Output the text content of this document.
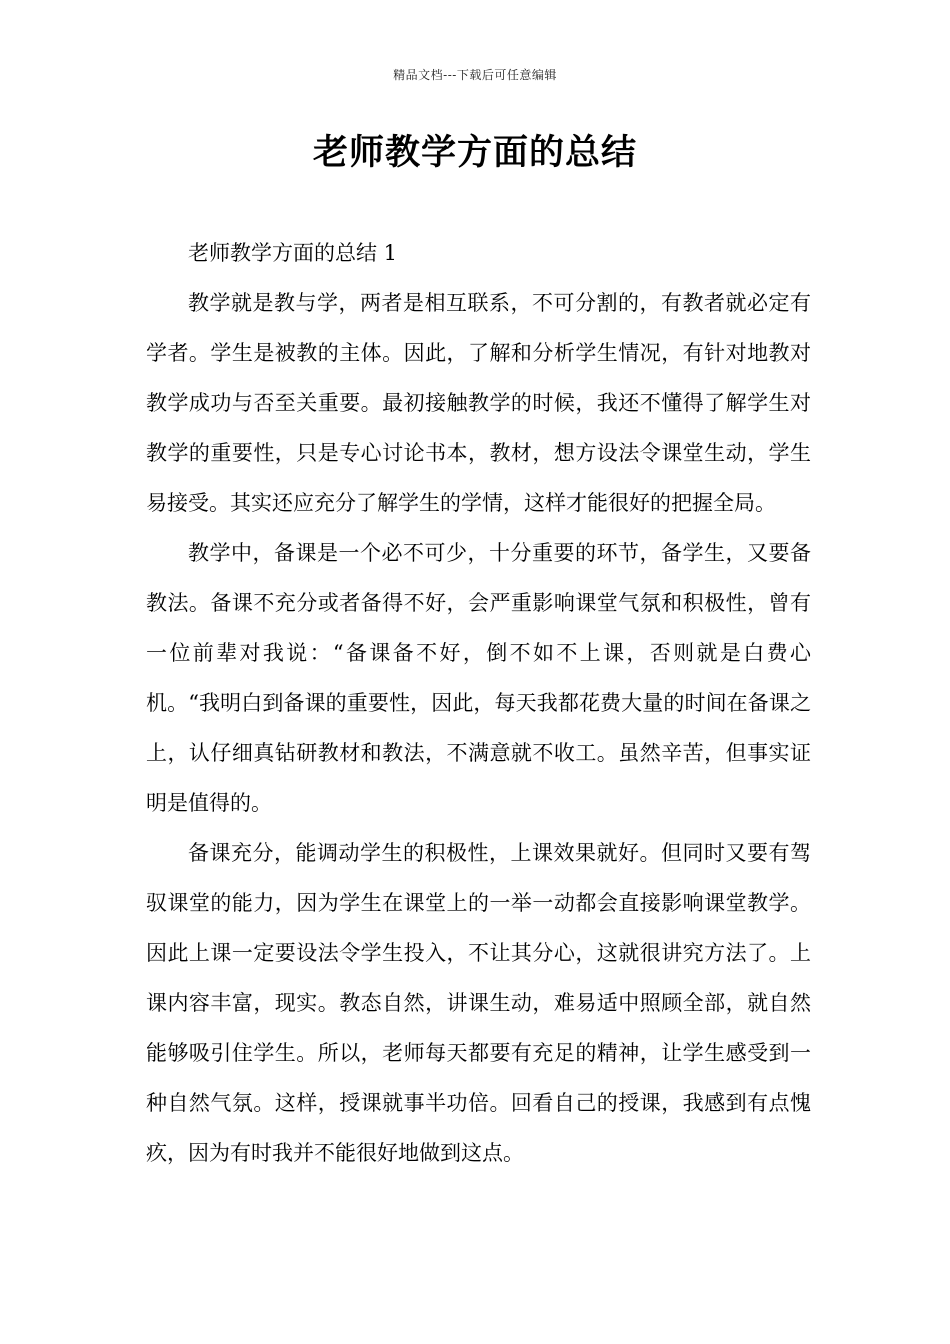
精品文档---下载后可任意编辑
老师教学方面的总结

老师教学方面的总结 1

教学就是教与学，两者是相互联系，不可分割的，有教者就必定有学者。学生是被教的主体。因此，了解和分析学生情况，有针对地教对教学成功与否至关重要。最初接触教学的时候，我还不懂得了解学生对教学的重要性，只是专心讨论书本，教材，想方设法令课堂生动，学生易接受。其实还应充分了解学生的学情，这样才能很好的把握全局。

教学中，备课是一个必不可少，十分重要的环节，备学生，又要备教法。备课不充分或者备得不好，会严重影响课堂气氛和积极性，曾有一位前辈对我说：“备课备不好，倒不如不上课，否则就是白费心机。“我明白到备课的重要性，因此，每天我都花费大量的时间在备课之上，认仔细真钻研教材和教法，不满意就不收工。虽然辛苦，但事实证明是值得的。

备课充分，能调动学生的积极性，上课效果就好。但同时又要有驾驭课堂的能力，因为学生在课堂上的一举一动都会直接影响课堂教学。因此上课一定要设法令学生投入，不让其分心，这就很讲究方法了。上课内容丰富，现实。教态自然，讲课生动，难易适中照顾全部，就自然能够吸引住学生。所以，老师每天都要有充足的精神，让学生感受到一种自然气氛。这样，授课就事半功倍。回看自己的授课，我感到有点愧疚，因为有时我并不能很好地做到这点。
